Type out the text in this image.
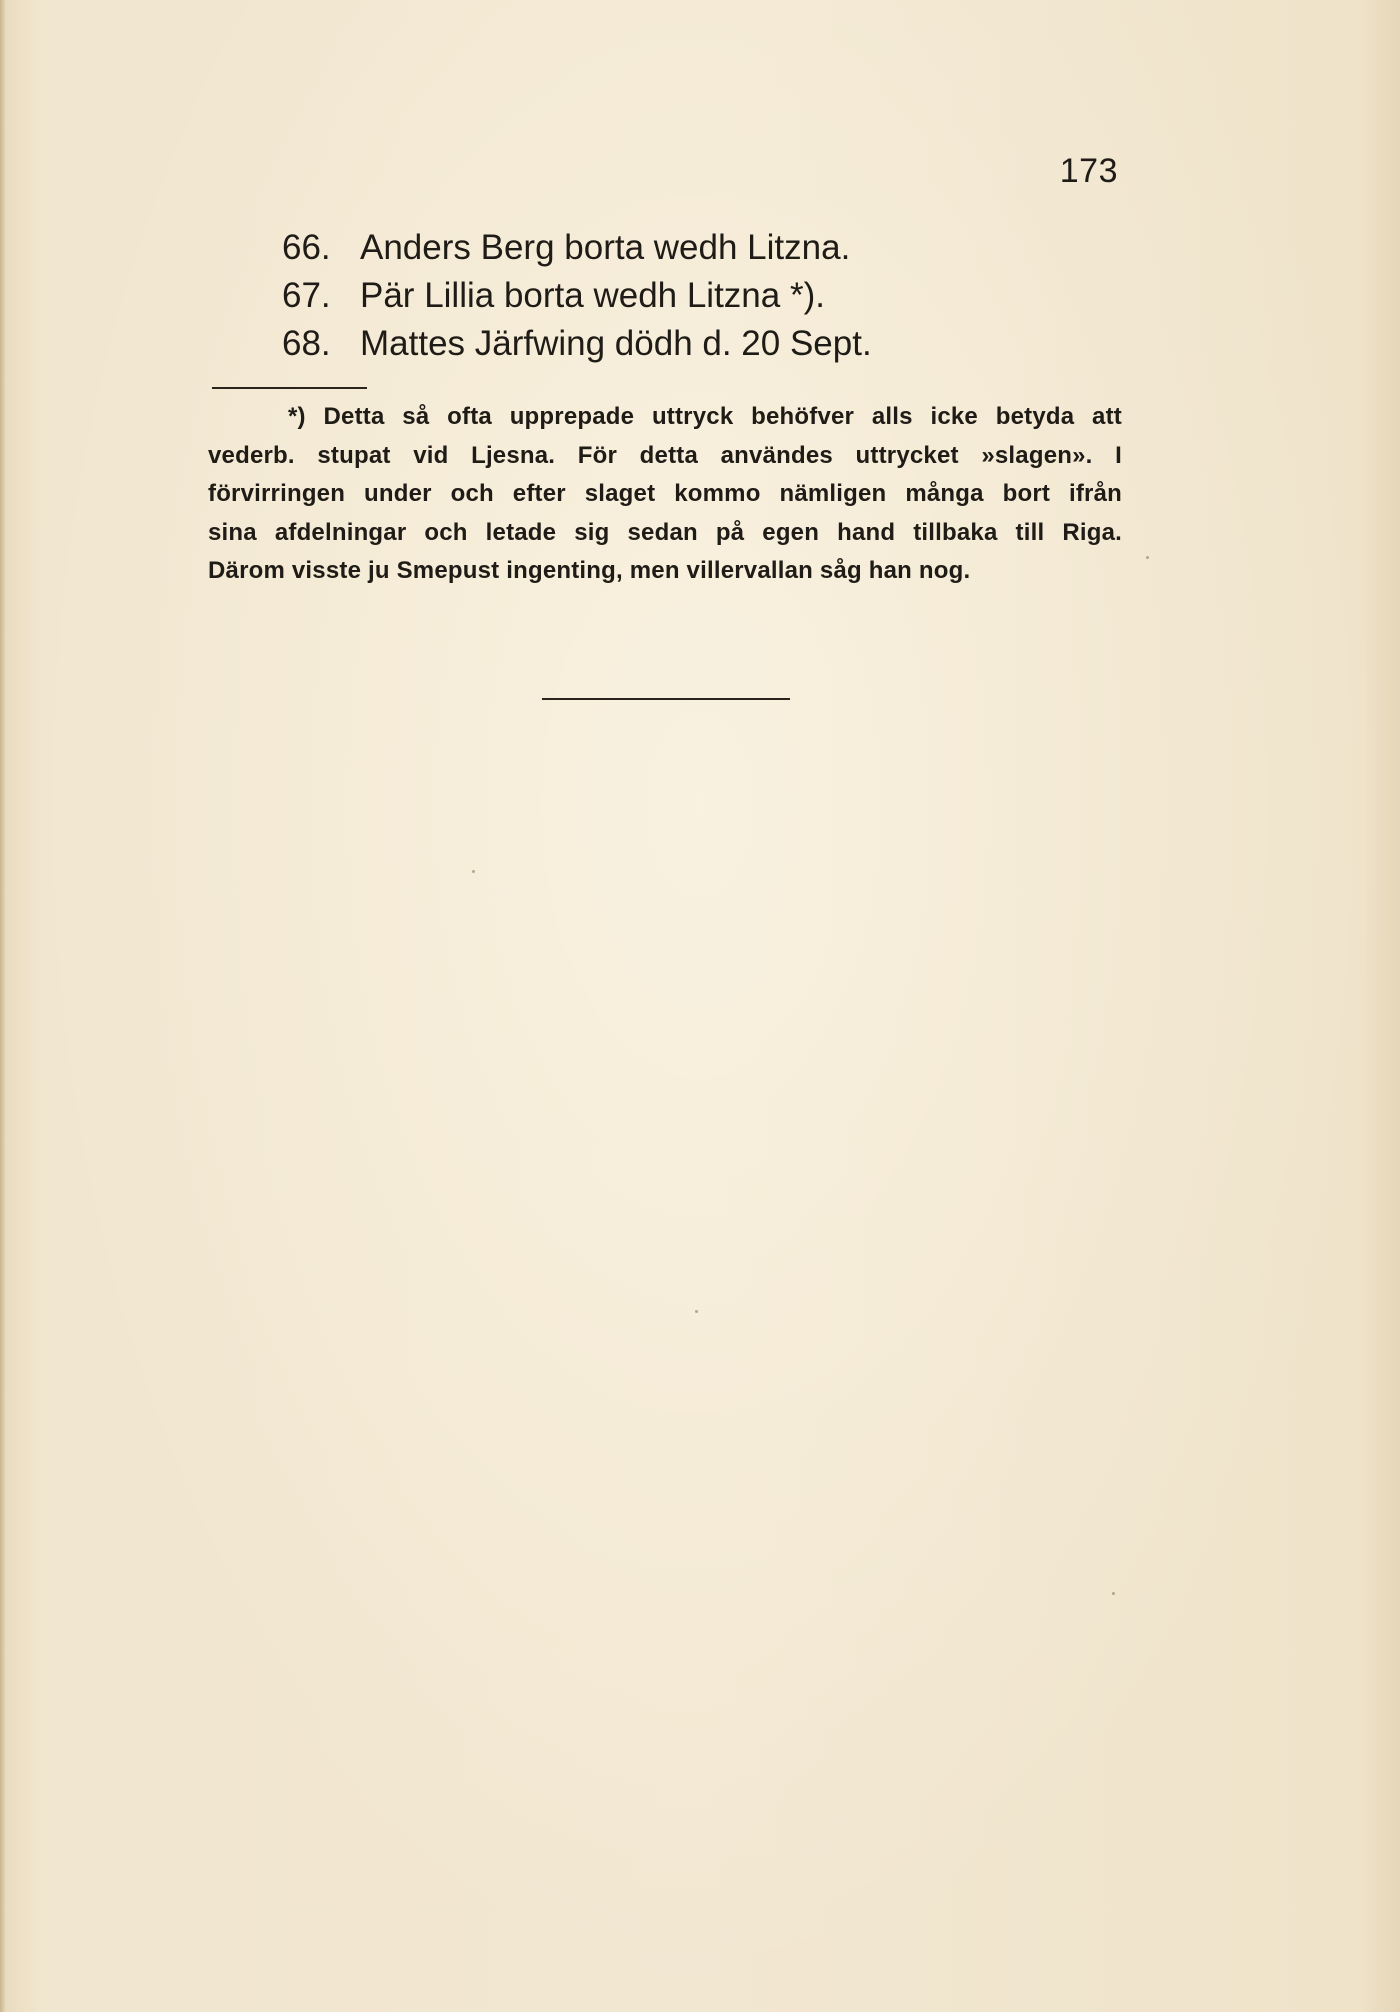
173
66. Anders Berg borta wedh Litzna.
67. Pär Lillia borta wedh Litzna *).
68. Mattes Järfwing dödh d. 20 Sept.
*) Detta så ofta upprepade uttryck behöfver alls icke betyda att
vederb. stupat vid Ljesna. För detta användes uttrycket »slagen». I
förvirringen under och efter slaget kommo nämligen många bort ifrån
sina afdelningar och letade sig sedan på egen hand tillbaka till Riga.
Därom visste ju Smepust ingenting, men villervallan såg han nog.
